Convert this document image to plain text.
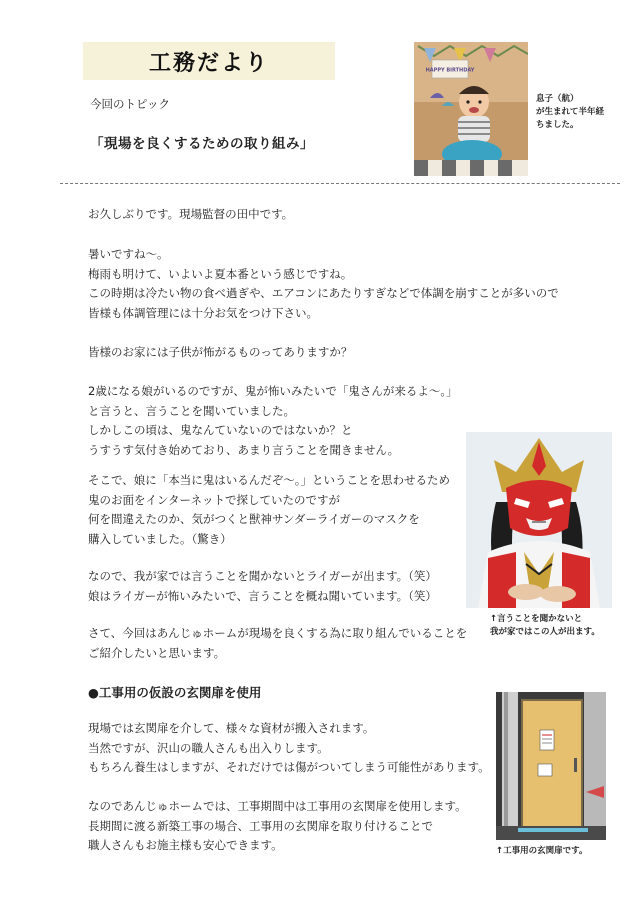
工務だより
今回のトピック
「現場を良くするための取り組み」
HAPPY BIRTHDAY
息子（航）
が生まれて半年経
ちました。
お久しぶりです。現場監督の田中です。
暑いですね～。
梅雨も明けて、いよいよ夏本番という感じですね。
この時期は冷たい物の食べ過ぎや、エアコンにあたりすぎなどで体調を崩すことが多いので
皆様も体調管理には十分お気をつけ下さい。
皆様のお家には子供が怖がるものってありますか？
2歳になる娘がいるのですが、鬼が怖いみたいで「鬼さんが来るよ～。」
と言うと、言うことを聞いていました。
しかしこの頃は、鬼なんていないのではないか？と
うすうす気付き始めており、あまり言うことを聞きません。
そこで、娘に「本当に鬼はいるんだぞ～。」ということを思わせるため
鬼のお面をインターネットで探していたのですが
何を間違えたのか、気がつくと獣神サンダーライガーのマスクを
購入していました。（驚き）
なので、我が家では言うことを聞かないとライガーが出ます。（笑）
娘はライガーが怖いみたいで、言うことを概ね聞いています。（笑）
さて、今回はあんじゅホームが現場を良くする為に取り組んでいることを
ご紹介したいと思います。
↑言うことを聞かないと
我が家ではこの人が出ます。
●工事用の仮設の玄関扉を使用
現場では玄関扉を介して、様々な資材が搬入されます。
当然ですが、沢山の職人さんも出入りします。
もちろん養生はしますが、それだけでは傷がついてしまう可能性があります。
なのであんじゅホームでは、工事期間中は工事用の玄関扉を使用します。
長期間に渡る新築工事の場合、工事用の玄関扉を取り付けることで
職人さんもお施主様も安心できます。	↑工事用の玄関扉です。
